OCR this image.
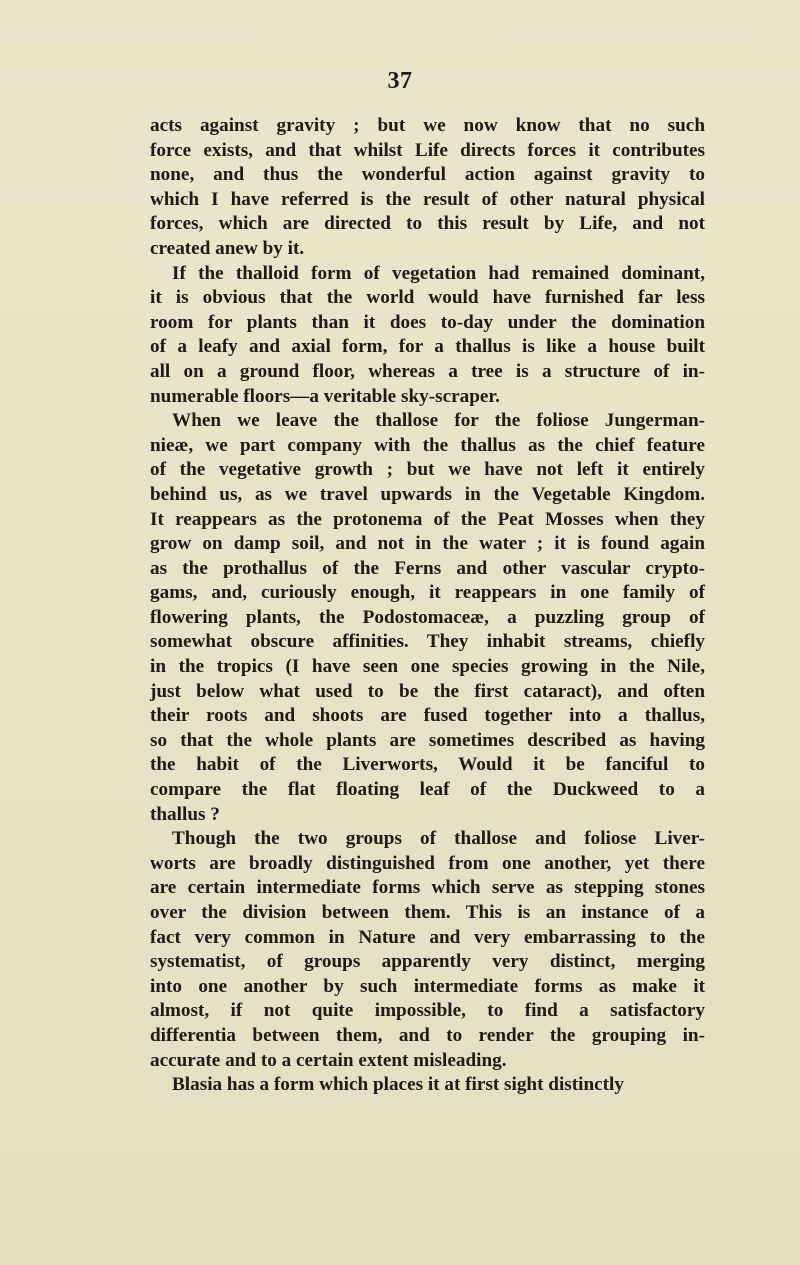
37
acts against gravity ; but we now know that no such
force exists, and that whilst Life directs forces it contributes
none, and thus the wonderful action against gravity to
which I have referred is the result of other natural physical
forces, which are directed to this result by Life, and not
created anew by it.
If the thalloid form of vegetation had remained dominant,
it is obvious that the world would have furnished far less
room for plants than it does to-day under the domination
of a leafy and axial form, for a thallus is like a house built
all on a ground floor, whereas a tree is a structure of in-
numerable floors—a veritable sky-scraper.
When we leave the thallose for the foliose Jungerman-
nieæ, we part company with the thallus as the chief feature
of the vegetative growth ; but we have not left it entirely
behind us, as we travel upwards in the Vegetable Kingdom.
It reappears as the protonema of the Peat Mosses when they
grow on damp soil, and not in the water ; it is found again
as the prothallus of the Ferns and other vascular crypto-
gams, and, curiously enough, it reappears in one family of
flowering plants, the Podostomaceæ, a puzzling group of
somewhat obscure affinities. They inhabit streams, chiefly
in the tropics (I have seen one species growing in the Nile,
just below what used to be the first cataract), and often
their roots and shoots are fused together into a thallus,
so that the whole plants are sometimes described as having
the habit of the Liverworts, Would it be fanciful to
compare the flat floating leaf of the Duckweed to a
thallus ?
Though the two groups of thallose and foliose Liver-
worts are broadly distinguished from one another, yet there
are certain intermediate forms which serve as stepping stones
over the division between them. This is an instance of a
fact very common in Nature and very embarrassing to the
systematist, of groups apparently very distinct, merging
into one another by such intermediate forms as make it
almost, if not quite impossible, to find a satisfactory
differentia between them, and to render the grouping in-
accurate and to a certain extent misleading.
Blasia has a form which places it at first sight distinctly
